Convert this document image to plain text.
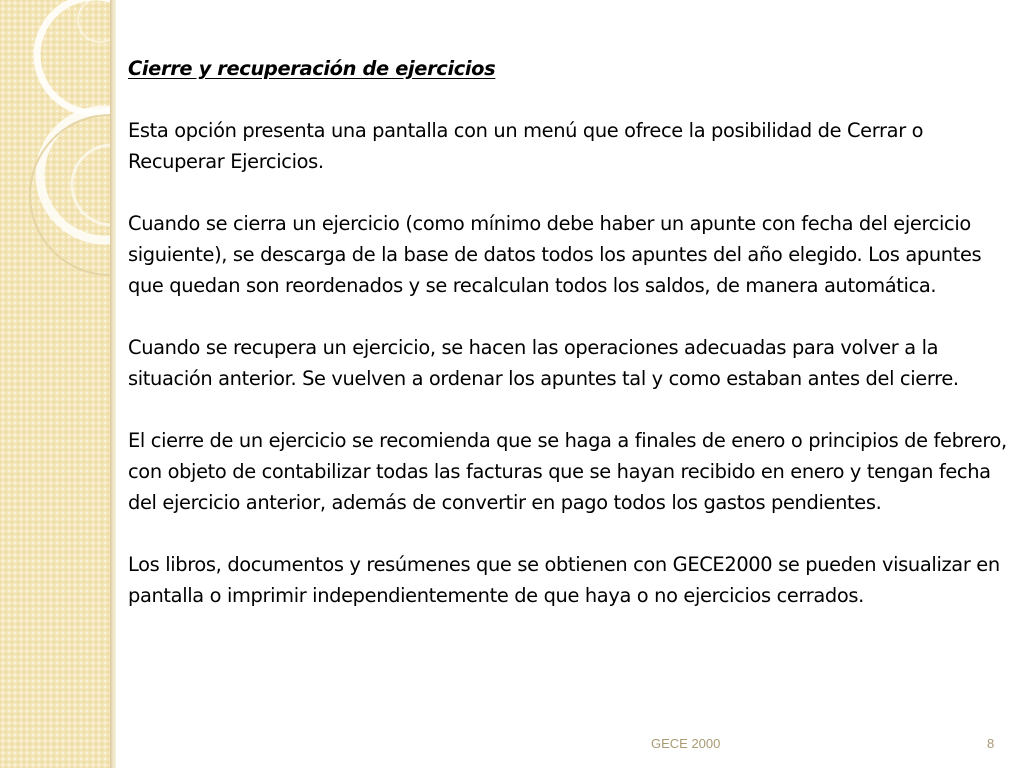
Cierre y recuperación de ejercicios

Esta opción presenta una pantalla con un menú que ofrece la posibilidad de Cerrar o Recuperar Ejercicios.

Cuando se cierra un ejercicio (como mínimo debe haber un apunte con fecha del ejercicio siguiente), se descarga de la base de datos todos los apuntes del año elegido. Los apuntes que quedan son reordenados y se recalculan todos los saldos, de manera automática.

Cuando se recupera un ejercicio, se hacen las operaciones adecuadas para volver a la situación anterior. Se vuelven a ordenar los apuntes tal y como estaban antes del cierre.

El cierre de un ejercicio se recomienda que se haga a finales de enero o principios de febrero, con objeto de contabilizar todas las facturas que se hayan recibido en enero y tengan fecha del ejercicio anterior, además de convertir en pago todos los gastos pendientes.

Los libros, documentos y resúmenes que se obtienen con GECE2000 se pueden visualizar en pantalla o imprimir independientemente de que haya o no ejercicios cerrados.

GECE 2000	8
